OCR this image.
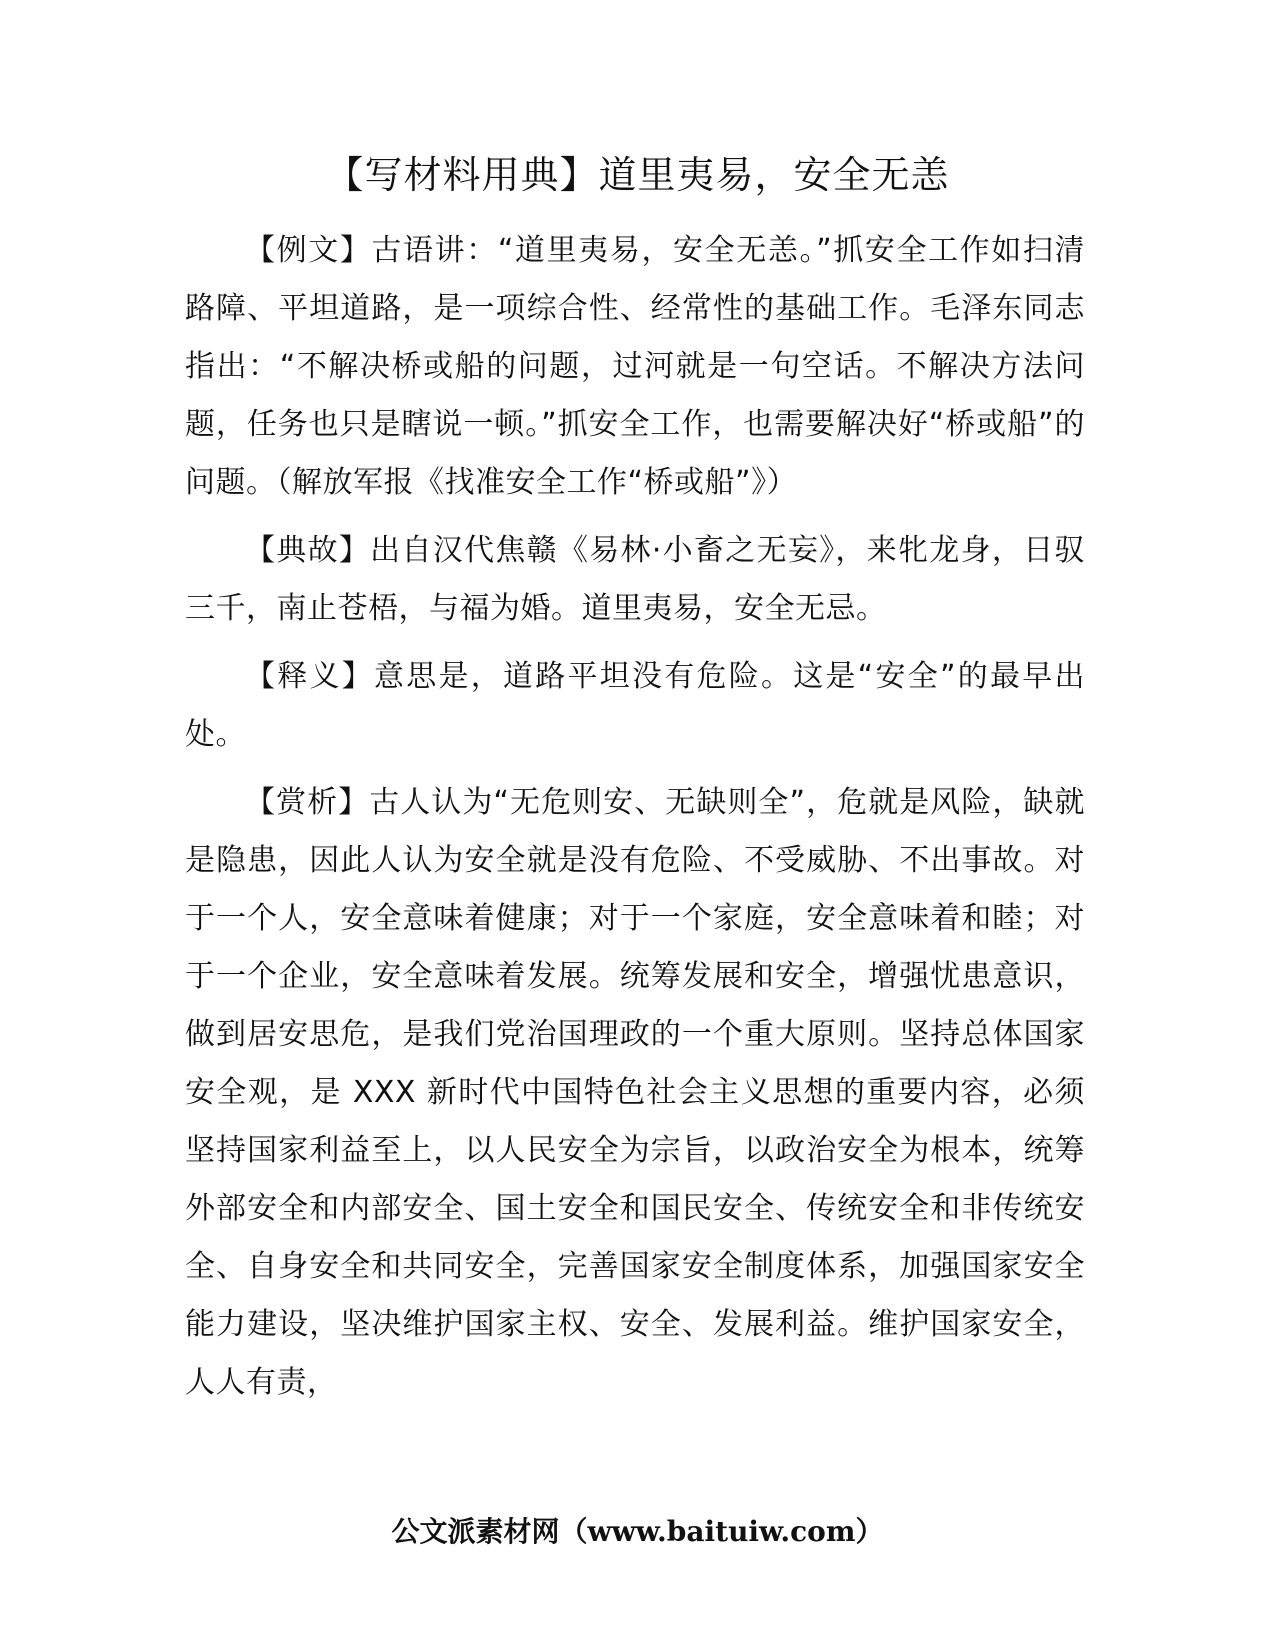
【写材料用典】道里夷易，安全无恙

【例文】古语讲：“道里夷易，安全无恙。”抓安全工作如扫清路障、平坦道路，是一项综合性、经常性的基础工作。毛泽东同志指出：“不解决桥或船的问题，过河就是一句空话。不解决方法问题，任务也只是瞎说一顿。”抓安全工作，也需要解决好“桥或船”的问题。（解放军报《找准安全工作“桥或船”》）

【典故】出自汉代焦赣《易林·小畜之无妄》，来牝龙身，日驭三千，南止苍梧，与福为婚。道里夷易，安全无忌。

【释义】意思是，道路平坦没有危险。这是“安全”的最早出处。

【赏析】古人认为“无危则安、无缺则全”，危就是风险，缺就是隐患，因此人认为安全就是没有危险、不受威胁、不出事故。对于一个人，安全意味着健康；对于一个家庭，安全意味着和睦；对于一个企业，安全意味着发展。统筹发展和安全，增强忧患意识，做到居安思危，是我们党治国理政的一个重大原则。坚持总体国家安全观，是 XXX 新时代中国特色社会主义思想的重要内容，必须坚持国家利益至上，以人民安全为宗旨，以政治安全为根本，统筹外部安全和内部安全、国土安全和国民安全、传统安全和非传统安全、自身安全和共同安全，完善国家安全制度体系，加强国家安全能力建设，坚决维护国家主权、安全、发展利益。维护国家安全，人人有责，

公文派素材网（www.baituiw.com）
